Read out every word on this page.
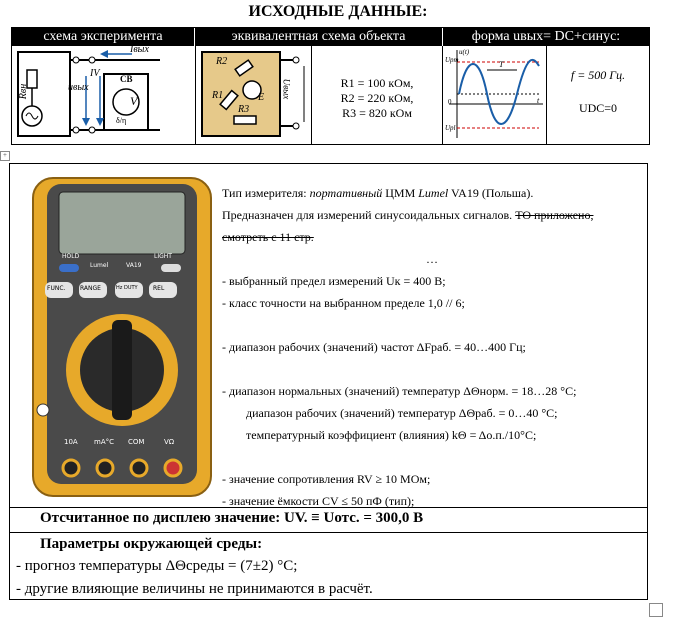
ИСХОДНЫЕ ДАННЫЕ:
схема эксперимента	эквивалентная схема объекта	форма uвых= DC+синус:
Rвн
Iвых
uвых
IV СВ
V
δ/η
R2
R1	E
R3
Uвых	R1 = 100 кОм,
R2 = 220 кОм,
R3 = 820 кОм
u(t)
Upm	T
0	t
Upl
f = 500 Гц.
UDC=0
+
HOLD
Lumel	VA19
LIGHT
FUNC. RANGE	Hz DUTY	REL
10A mA°C COM	VΩ

Тип измерителя: портативный ЦММ Lumel VA19 (Польша).

Предназначен для измерений синусоидальных сигналов. ТО приложено, смотреть с 11 стр.

…

- выбранный предел измерений Uк = 400 В;

- класс точности на выбранном пределе 1,0 // 6;

- диапазон рабочих (значений) частот ΔFраб. = 40…400 Гц;

- диапазон нормальных (значений) температур ΔΘнорм. = 18…28 °C;

диапазон рабочих (значений) температур ΔΘраб. = 0…40 °C;

температурный коэффициент (влияния) kΘ = Δо.п./10°C;

- значение сопротивления RV ≥ 10 МОм;

- значение ёмкости CV ≤ 50 пФ (тип);

Отсчитанное по дисплею значение: UV. ≡ Uотс. = 300,0 В
Параметры окружающей среды:
- прогноз температуры ΔΘсреды = (7±2) °C;
- другие влияющие величины не принимаются в расчёт.
